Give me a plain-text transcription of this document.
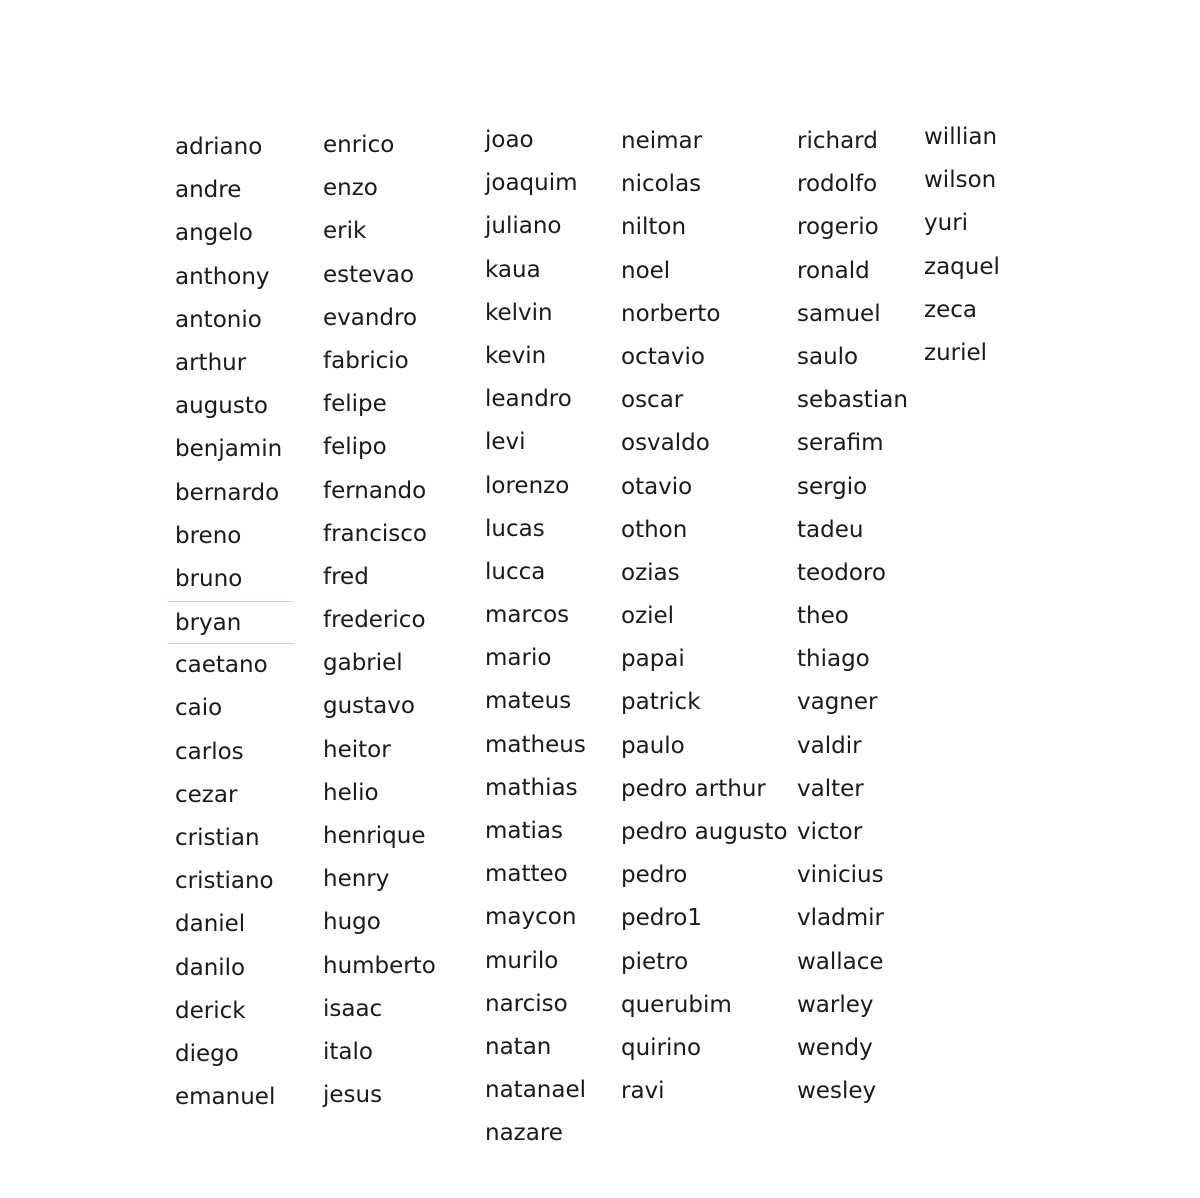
adriano
andre
angelo
anthony
antonio
arthur
augusto
benjamin
bernardo
breno
bruno
bryan
caetano
caio
carlos
cezar
cristian
cristiano
daniel
danilo
derick
diego
emanuel
enrico
enzo
erik
estevao
evandro
fabricio
felipe
felipo
fernando
francisco
fred
frederico
gabriel
gustavo
heitor
helio
henrique
henry
hugo
humberto
isaac
italo
jesus
joao
joaquim
juliano
kaua
kelvin
kevin
leandro
levi
lorenzo
lucas
lucca
marcos
mario
mateus
matheus
mathias
matias
matteo
maycon
murilo
narciso
natan
natanael
nazare
neimar
nicolas
nilton
noel
norberto
octavio
oscar
osvaldo
otavio
othon
ozias
oziel
papai
patrick
paulo
pedro arthur
pedro augusto
pedro
pedro1
pietro
querubim
quirino
ravi
richard
rodolfo
rogerio
ronald
samuel
saulo
sebastian
serafim
sergio
tadeu
teodoro
theo
thiago
vagner
valdir
valter
victor
vinicius
vladmir
wallace
warley
wendy
wesley
willian
wilson
yuri
zaquel
zeca
zuriel
